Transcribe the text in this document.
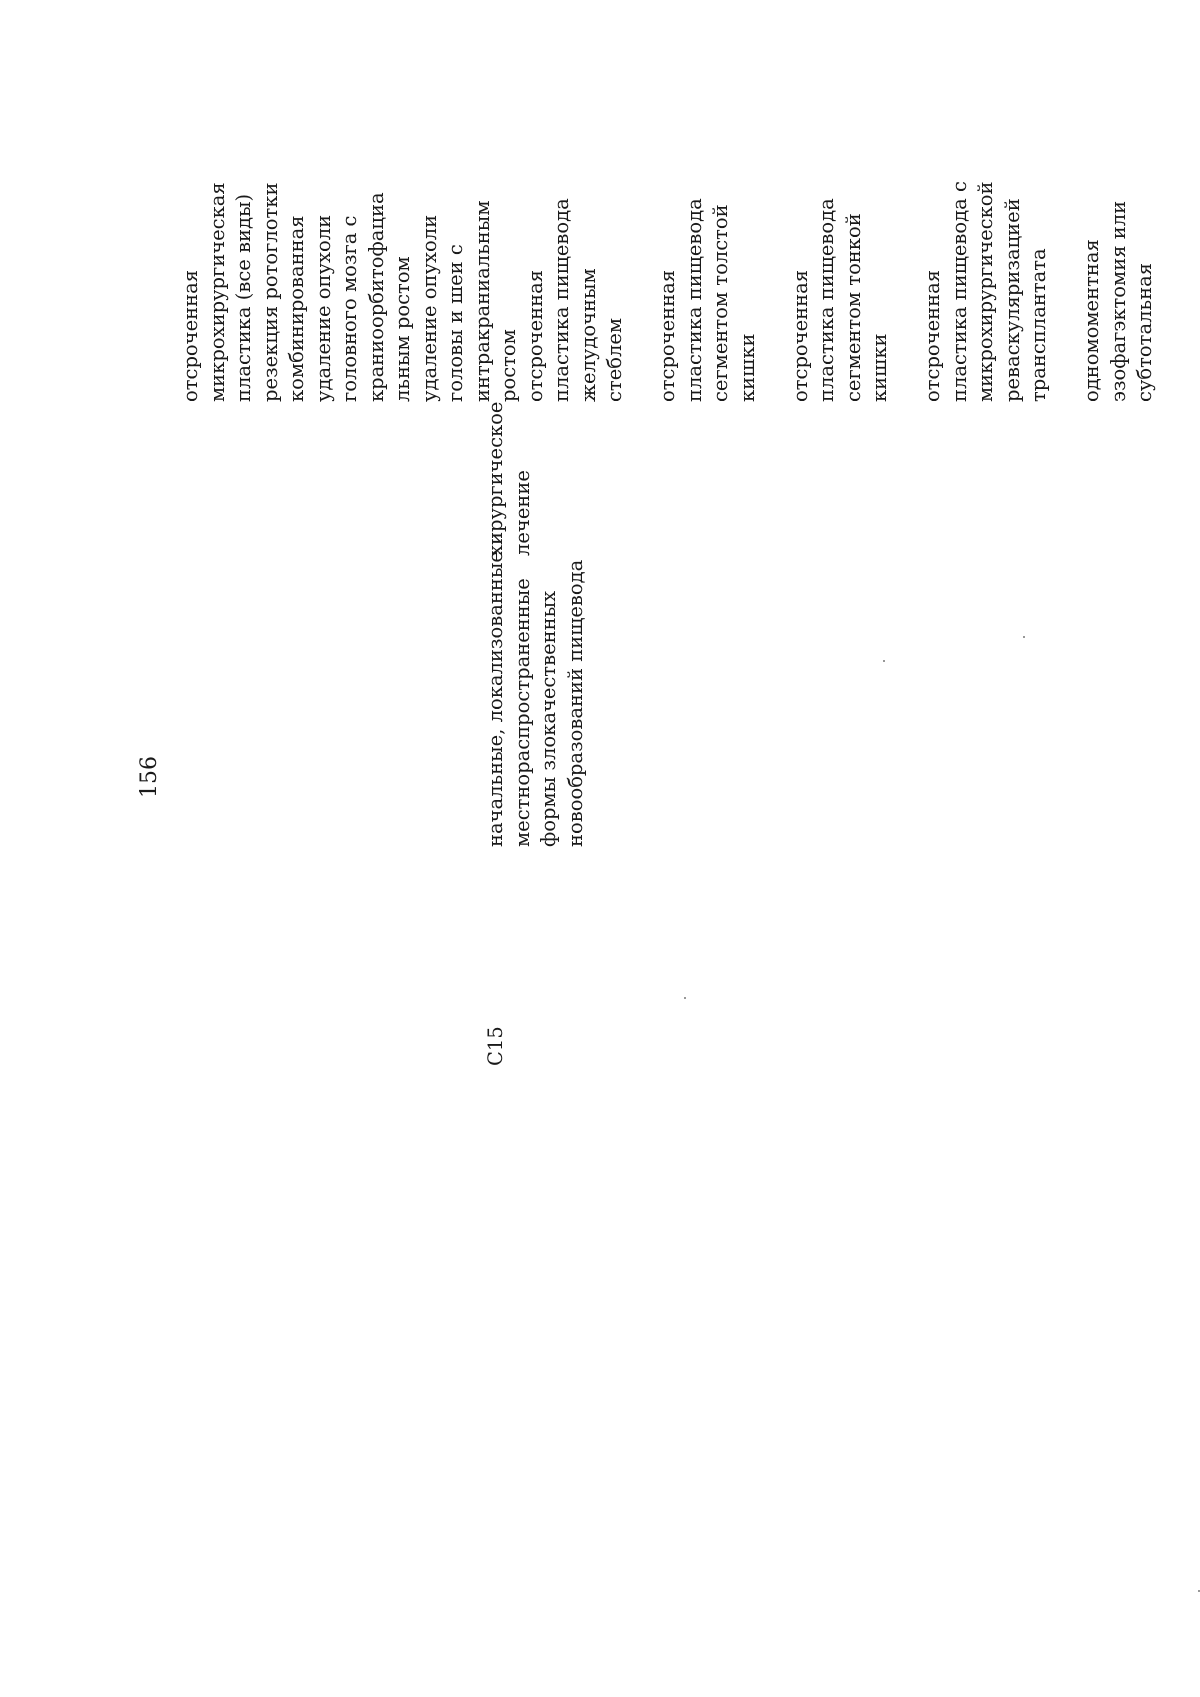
156
C15
начальные, локализованные и местнораспространенные формы злокачественных новообразований пищевода
хирургическое лечение
отсроченная микрохирургическая пластика (все виды) резекция ротоглотки комбинированная удаление опухоли головного мозга с краниоорбитофациа льным ростом удаление опухоли головы и шеи с интракраниальным ростом отсроченная пластика пищевода желудочным стеблем отсроченная пластика пищевода сегментом толстой кишки отсроченная пластика пищевода сегментом тонкой кишки отсроченная пластика пищевода с микрохирургической реваскуляризацией трансплантата одномоментная эзофагэктомия или субтотальная
